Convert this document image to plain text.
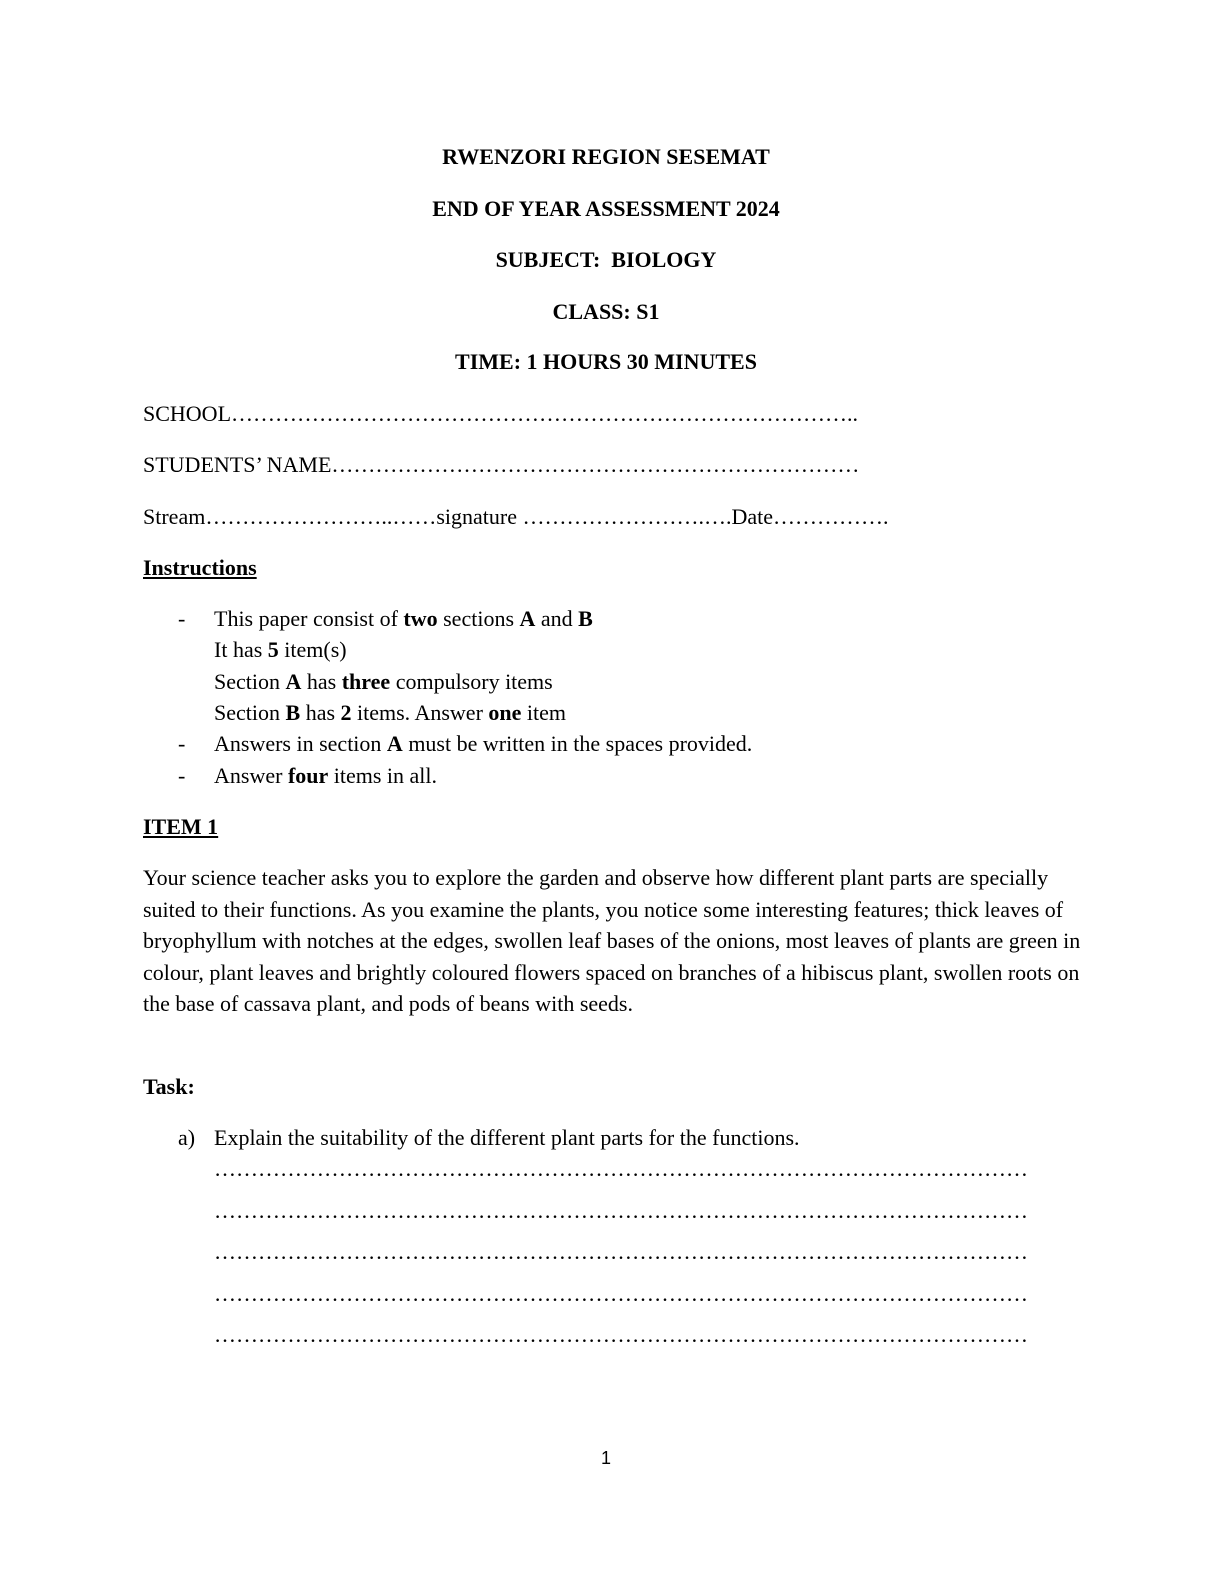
RWENZORI REGION SESEMAT
END OF YEAR ASSESSMENT 2024
SUBJECT:  BIOLOGY
CLASS: S1
TIME: 1 HOURS 30 MINUTES
SCHOOL…………………………………………………………………………..
STUDENTS’ NAME………………………………………………………………
Stream……………………..……signature …………………….….Date…………….
Instructions
- This paper consist of two sections A and B
It has 5 item(s)
Section A has three compulsory items
Section B has 2 items. Answer one item
- Answers in section A must be written in the spaces provided.
- Answer four items in all.
ITEM 1
Your science teacher asks you to explore the garden and observe how different plant parts are specially suited to their functions. As you examine the plants, you notice some interesting features; thick leaves of bryophyllum with notches at the edges, swollen leaf bases of the onions, most leaves of plants are green in colour, plant leaves and brightly coloured flowers spaced on branches of a hibiscus plant, swollen roots on the base of cassava plant, and pods of beans with seeds.
Task:
a) Explain the suitability of the different plant parts for the functions.
…………………………………………………………………………………………………
…………………………………………………………………………………………………
…………………………………………………………………………………………………
…………………………………………………………………………………………………
…………………………………………………………………………………………………
1
